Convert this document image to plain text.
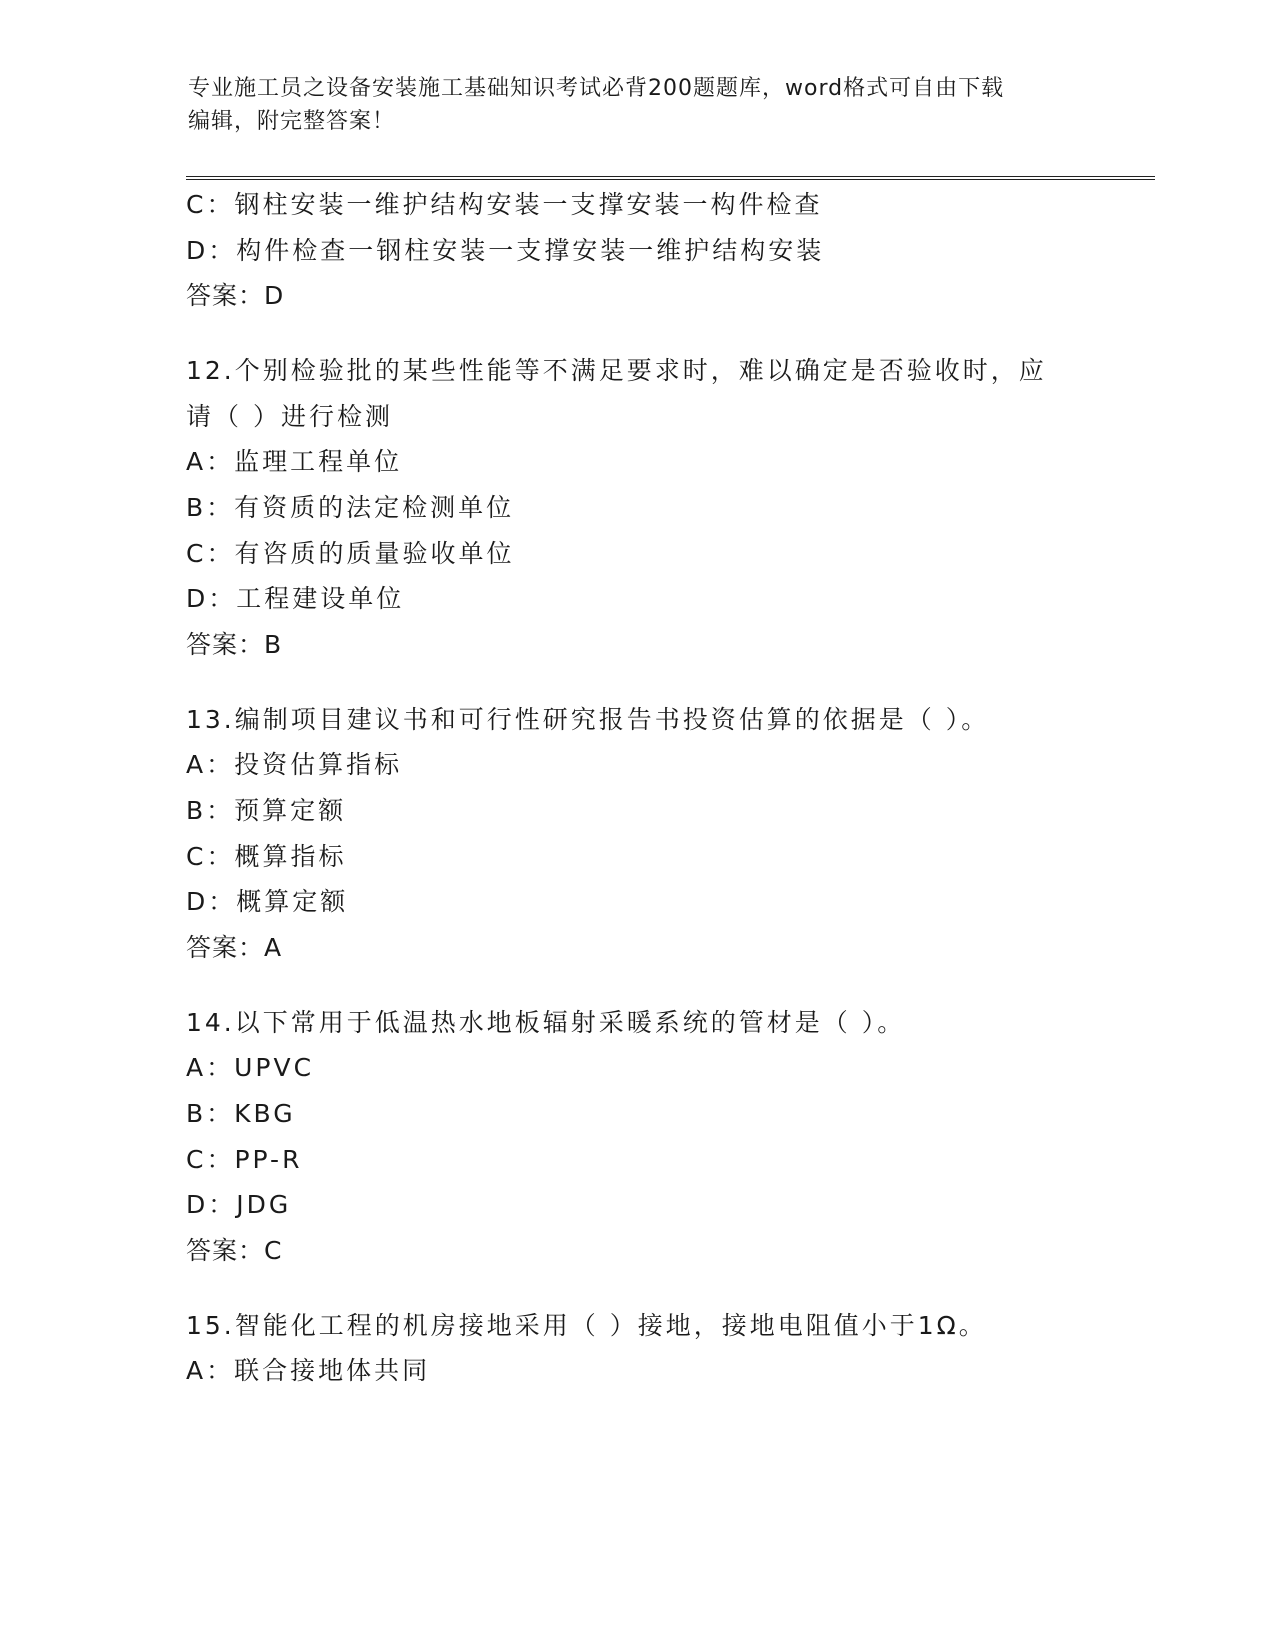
专业施工员之设备安装施工基础知识考试必背200题题库，word格式可自由下载
编辑，附完整答案！
C：钢柱安装一维护结构安装一支撑安装一构件检查
D：构件检查一钢柱安装一支撑安装一维护结构安装
答案：D
12.个别检验批的某些性能等不满足要求时，难以确定是否验收时，应
请（ ）进行检测
A：监理工程单位
B：有资质的法定检测单位
C：有咨质的质量验收单位
D：工程建设单位
答案：B
13.编制项目建议书和可行性研究报告书投资估算的依据是（ ）。
A：投资估算指标
B：预算定额
C：概算指标
D：概算定额
答案：A
14.以下常用于低温热水地板辐射采暖系统的管材是（ ）。
A：UPVC
B：KBG
C：PP-R
D：JDG
答案：C
15.智能化工程的机房接地采用（ ）接地，接地电阻值小于1Ω。
A：联合接地体共同
